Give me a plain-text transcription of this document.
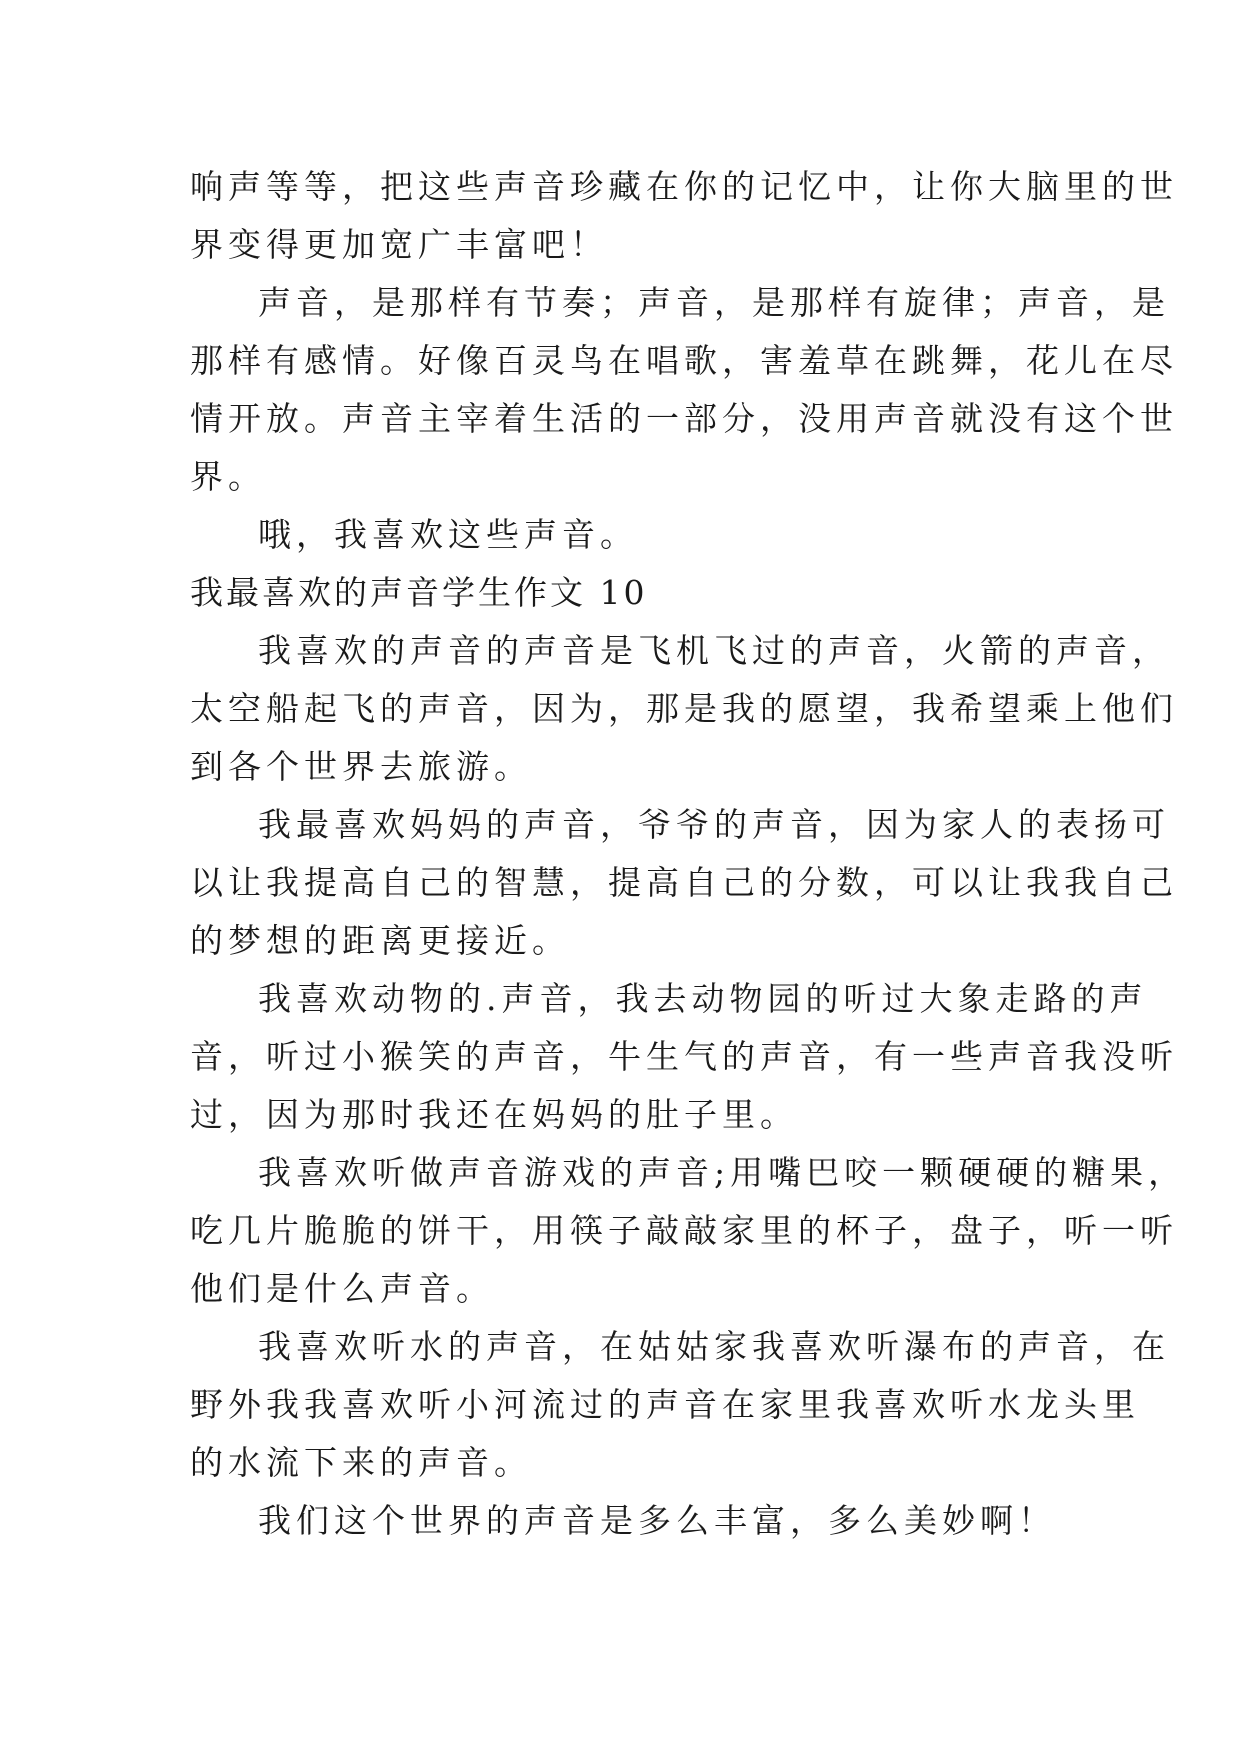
响声等等，把这些声音珍藏在你的记忆中，让你大脑里的世
界变得更加宽广丰富吧！
声音，是那样有节奏；声音，是那样有旋律；声音，是
那样有感情。好像百灵鸟在唱歌，害羞草在跳舞，花儿在尽
情开放。声音主宰着生活的一部分，没用声音就没有这个世
界。
哦，我喜欢这些声音。
我最喜欢的声音学生作文 10
我喜欢的声音的声音是飞机飞过的声音，火箭的声音，
太空船起飞的声音，因为，那是我的愿望，我希望乘上他们
到各个世界去旅游。
我最喜欢妈妈的声音，爷爷的声音，因为家人的表扬可
以让我提高自己的智慧，提高自己的分数，可以让我我自己
的梦想的距离更接近。
我喜欢动物的.声音，我去动物园的听过大象走路的声
音，听过小猴笑的声音，牛生气的声音，有一些声音我没听
过，因为那时我还在妈妈的肚子里。
我喜欢听做声音游戏的声音;用嘴巴咬一颗硬硬的糖果，
吃几片脆脆的饼干，用筷子敲敲家里的杯子，盘子，听一听
他们是什么声音。
我喜欢听水的声音，在姑姑家我喜欢听瀑布的声音，在
野外我我喜欢听小河流过的声音在家里我喜欢听水龙头里
的水流下来的声音。
我们这个世界的声音是多么丰富，多么美妙啊！
